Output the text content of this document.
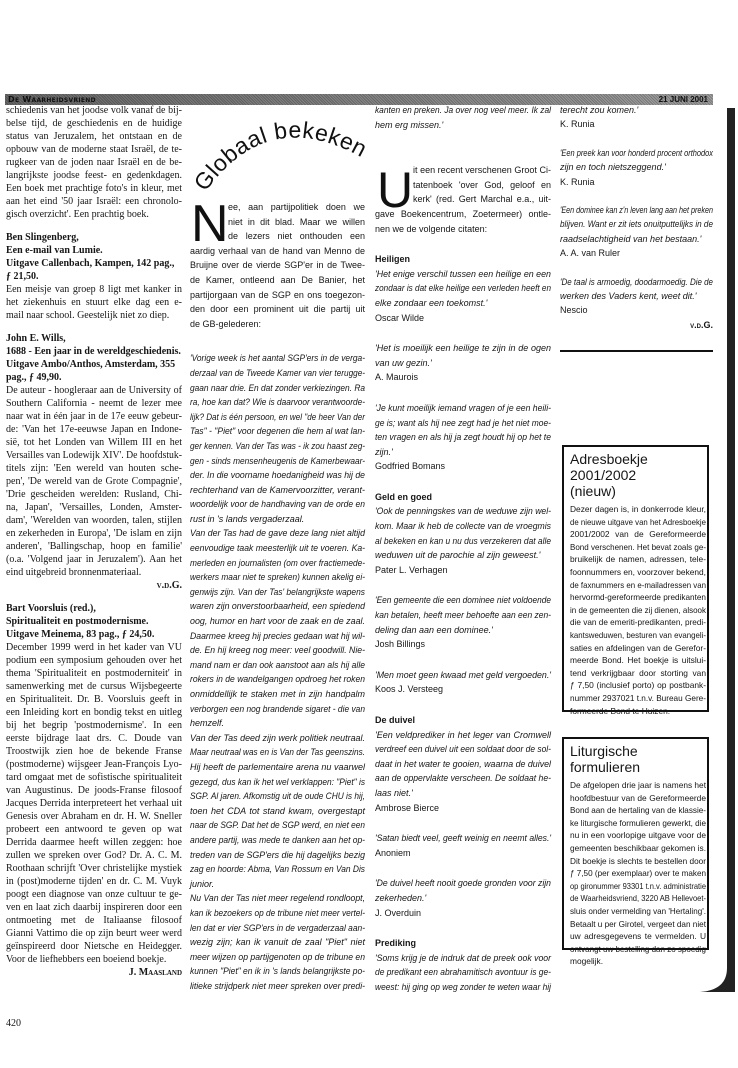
De Waarheidsvriend	21 JUNI 2001
Globaal bekeken
N
U
schiedenis van het joodse volk vanaf de bij-
belse tijd, de geschiedenis en de huidige
status van Jeruzalem, het ontstaan en de
opbouw van de moderne staat Israël, de te-
rugkeer van de joden naar Israël en de be-
langrijkste joodse feest- en gedenkdagen.
Een boek met prachtige foto's in kleur, met
aan het eind '50 jaar Israël: een chronolo-
gisch overzicht'. Een prachtig boek.
Ben Slingenberg,
Een e-mail van Lumie.
Uitgave Callenbach, Kampen, 142 pag.,
ƒ 21,50.
Een meisje van groep 8 ligt met kanker in
het ziekenhuis en stuurt elke dag een e-
mail naar school. Geestelijk niet zo diep.
John E. Wills,
1688 - Een jaar in de wereldgeschiedenis.
Uitgave Ambo/Anthos, Amsterdam, 355
pag., ƒ 49,90.
De auteur - hoogleraar aan de University of
Southern California - neemt de lezer mee
naar wat in één jaar in de 17e eeuw gebeur-
de: 'Van het 17e-eeuwse Japan en Indone-
sië, tot het Londen van Willem III en het
Versailles van Lodewijk XIV'. De hoofdstuk-
titels zijn: 'Een wereld van houten sche-
pen', 'De wereld van de Grote Compagnie',
'Drie gescheiden werelden: Rusland, Chi-
na, Japan', 'Versailles, Londen, Amster-
dam', 'Werelden van woorden, talen, stijlen
en zekerheden in Europa', 'De islam en zijn
anderen', 'Ballingschap, hoop en familie'
(o.a. 'Volgend jaar in Jeruzalem'). Aan het
eind uitgebreid bronnenmateriaal.
v.d.G.
Bart Voorsluis (red.),
Spiritualiteit en postmodernisme.
Uitgave Meinema, 83 pag., ƒ 24,50.
December 1999 werd in het kader van VU
podium een symposium gehouden over het
thema 'Spiritualiteit en postmoderniteit' in
samenwerking met de cursus Wijsbegeerte
en Spiritualiteit. Dr. B. Voorsluis geeft in
een Inleiding kort en bondig tekst en uitleg
bij het begrip 'postmodernisme'. In een
eerste bijdrage laat drs. C. Doude van
Troostwijk zien hoe de bekende Franse
(postmoderne) wijsgeer Jean-François Lyo-
tard omgaat met de sofistische spiritualiteit
van Augustinus. De joods-Franse filosoof
Jacques Derrida interpreteert het verhaal uit
Genesis over Abraham en dr. H. W. Sneller
probeert een antwoord te geven op wat
Derrida daarmee heeft willen zeggen: hoe
zullen we spreken over God? Dr. A. C. M.
Roothaan schrijft 'Over christelijke mystiek
in (post)moderne tijden' en dr. C. M. Vuyk
poogt een diagnose van onze cultuur te ge-
ven en laat zich daarbij inspireren door een
ontmoeting met de Italiaanse filosoof
Gianni Vattimo die op zijn beurt weer werd
geïnspireerd door Nietsche en Heidegger.
Voor de liefhebbers een boeiend boekje.
J. Maasland
ee, aan partijpolitiek doen we
niet in dit blad. Maar we willen
de lezers niet onthouden een
aardig verhaal van de hand van Menno de
Bruijne over de vierde SGP'er in de Twee-
de Kamer, ontleend aan De Banier, het
partijorgaan van de SGP en ons toegezon-
den door een prominent uit die partij uit
de GB-gelederen:
'Vorige week is het aantal SGP'ers in de verga-
derzaal van de Tweede Kamer van vier terugge-
gaan naar drie. En dat zonder verkiezingen. Ra
ra, hoe kan dat? Wie is daarvoor verantwoorde-
lijk? Dat is één persoon, en wel "de heer Van der
Tas" - "Piet" voor degenen die hem al wat lan-
ger kennen. Van der Tas was - ik zou haast zeg-
gen - sinds mensenheugenis de Kamerbewaar-
der. In die voorname hoedanigheid was hij de
rechterhand van de Kamervoorzitter, verant-
woordelijk voor de handhaving van de orde en
rust in 's lands vergaderzaal.
Van der Tas had de gave deze lang niet altijd
eenvoudige taak meesterlijk uit te voeren. Ka-
merleden en journalisten (om over fractiemede-
werkers maar niet te spreken) kunnen akelig ei-
genwijs zijn. Van der Tas' belangrijkste wapens
waren zijn onverstoorbaarheid, een spiedend
oog, humor en hart voor de zaak en de zaal.
Daarmee kreeg hij precies gedaan wat hij wil-
de. En hij kreeg nog meer: veel goodwill. Nie-
mand nam er dan ook aanstoot aan als hij alle
rokers in de wandelgangen opdroeg het roken
onmiddellijk te staken met in zijn handpalm
verborgen een nog brandende sigaret - die van
hemzelf.
Van der Tas deed zijn werk politiek neutraal.
Maar neutraal was en is Van der Tas geenszins.
Hij heeft de parlementaire arena nu vaarwel
gezegd, dus kan ik het wel verklappen: "Piet" is
SGP. Al jaren. Afkomstig uit de oude CHU is hij,
toen het CDA tot stand kwam, overgestapt
naar de SGP. Dat het de SGP werd, en niet een
andere partij, was mede te danken aan het op-
treden van de SGP'ers die hij dagelijks bezig
zag en hoorde: Abma, Van Rossum en Van Dis
junior.
Nu Van der Tas niet meer regelend rondloopt,
kan ik bezoekers op de tribune niet meer vertel-
len dat er vier SGP'ers in de vergaderzaal aan-
wezig zijn; kan ik vanuit de zaal "Piet" niet
meer wijzen op partijgenoten op de tribune en
kunnen "Piet" en ik in 's lands belangrijkste po-
litieke strijdperk niet meer spreken over predi-
kanten en preken. Ja over nog veel meer. Ik zal
hem erg missen.'
it een recent verschenen Groot Ci-
tatenboek 'over God, geloof en
kerk' (red. Gert Marchal e.a., uit-
gave Boekencentrum, Zoetermeer) ontle-
nen we de volgende citaten:
Heiligen
'Het enige verschil tussen een heilige en een
zondaar is dat elke heilige een verleden heeft en
elke zondaar een toekomst.'
Oscar Wilde
'Het is moeilijk een heilige te zijn in de ogen
van uw gezin.'
A. Maurois
'Je kunt moeilijk iemand vragen of je een heili-
ge is; want als hij nee zegt had je het niet moe-
ten vragen en als hij ja zegt houdt hij op het te
zijn.'
Godfried Bomans
Geld en goed
'Ook de penningskes van de weduwe zijn wel-
kom. Maar ik heb de collecte van de vroegmis
al bekeken en kan u nu dus verzekeren dat alle
weduwen uit de parochie al zijn geweest.'
Pater L. Verhagen
'Een gemeente die een dominee niet voldoende
kan betalen, heeft meer behoefte aan een zen-
deling dan aan een dominee.'
Josh Billings
'Men moet geen kwaad met geld vergoeden.'
Koos J. Versteeg
De duivel
'Een veldprediker in het leger van Cromwell
verdreef een duivel uit een soldaat door de sol-
daat in het water te gooien, waarna de duivel
aan de oppervlakte verscheen. De soldaat he-
laas niet.'
Ambrose Bierce
'Satan biedt veel, geeft weinig en neemt alles.'
Anoniem
'De duivel heeft nooit goede gronden voor zijn
zekerheden.'
J. Overduin
Prediking
'Soms krijg je de indruk dat de preek ook voor
de predikant een abrahamitisch avontuur is ge-
weest: hij ging op weg zonder te weten waar hij
terecht zou komen.'
K. Runia
'Een preek kan voor honderd procent orthodox
zijn en toch nietszeggend.'
K. Runia
'Een dominee kan z'n leven lang aan het preken
blijven. Want er zit iets onuitputtelijks in de
raadselachtigheid van het bestaan.'
A. A. van Ruler
'De taal is armoedig, doodarmoedig. Die de
werken des Vaders kent, weet dit.'
Nescio
v.d.G.
Adresboekje 2001/2002
(nieuw)
Dezer dagen is, in donkerrode kleur,
de nieuwe uitgave van het Adresboekje
2001/2002 van de Gereformeerde
Bond verschenen. Het bevat zoals ge-
bruikelijk de namen, adressen, tele-
foonnummers en, voorzover bekend,
de faxnummers en e-mailadressen van
hervormd-gereformeerde predikanten
in de gemeenten die zij dienen, alsook
die van de emeriti-predikanten, predi-
kantsweduwen, besturen van evangeli-
saties en afdelingen van de Gerefor-
meerde Bond. Het boekje is uitslui-
tend verkrijgbaar door storting van
ƒ 7,50 (inclusief porto) op postbank-
nummer 2937021 t.n.v. Bureau Gere-
formeerde Bond te Huizen.
Liturgische formulieren
De afgelopen drie jaar is namens het
hoofdbestuur van de Gereformeerde
Bond aan de hertaling van de klassie-
ke liturgische formulieren gewerkt, die
nu in een voorlopige uitgave voor de
gemeenten beschikbaar gekomen is.
Dit boekje is slechts te bestellen door
ƒ 7,50 (per exemplaar) over te maken
op gironummer 93301 t.n.v. administratie
de Waarheidsvriend, 3220 AB Hellevoet-
sluis onder vermelding van 'Hertaling'.
Betaalt u per Girotel, vergeet dan niet
uw adresgegevens te vermelden. U
ontvangt uw bestelling dan zo spoedig
mogelijk.
420
